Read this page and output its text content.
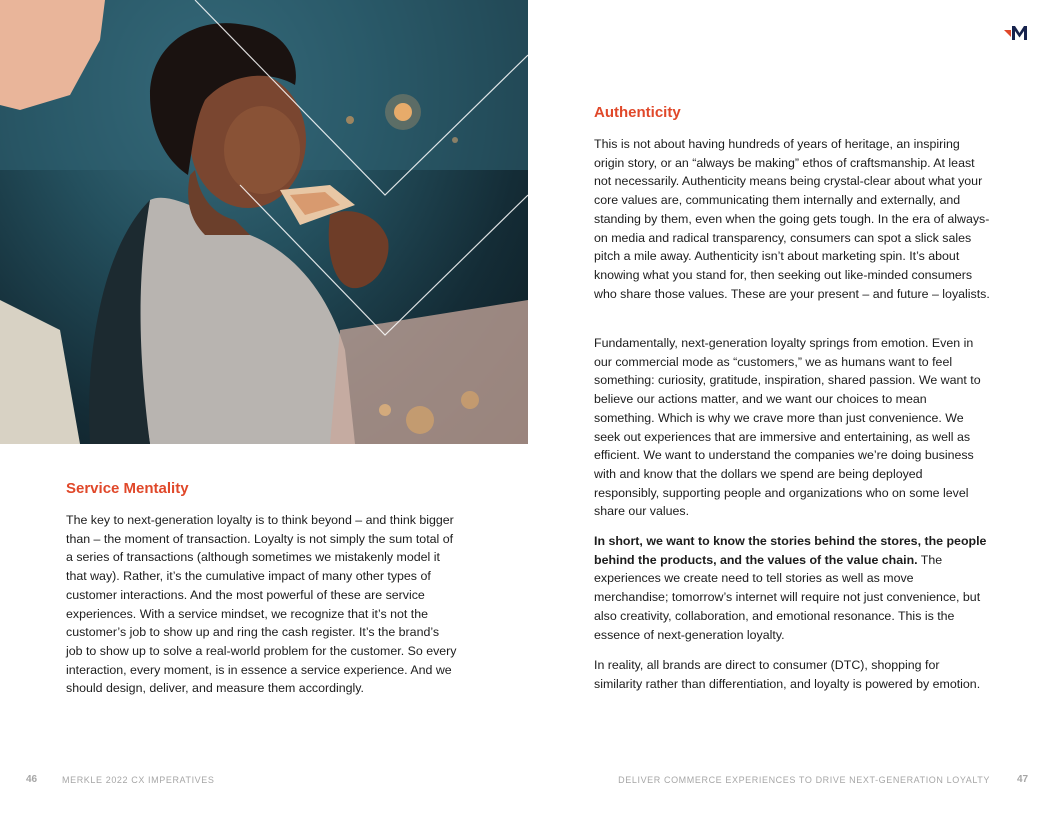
Service Mentality

The key to next-generation loyalty is to think beyond – and think bigger than – the moment of transaction. Loyalty is not simply the sum total of a series of transactions (although sometimes we mistakenly model it that way). Rather, it’s the cumulative impact of many other types of customer interactions. And the most powerful of these are service experiences. With a service mindset, we recognize that it’s not the customer’s job to show up and ring the cash register. It’s the brand’s job to show up to solve a real-world problem for the customer. So every interaction, every moment, is in essence a service experience. And we should design, deliver, and measure them accordingly.

Authenticity

This is not about having hundreds of years of heritage, an inspiring origin story, or an “always be making” ethos of craftsmanship. At least not necessarily. Authenticity means being crystal-clear about what your core values are, communicating them internally and externally, and standing by them, even when the going gets tough. In the era of always-on media and radical transparency, consumers can spot a slick sales pitch a mile away. Authenticity isn’t about marketing spin. It’s about knowing what you stand for, then seeking out like-minded consumers who share those values. These are your present – and future – loyalists.

Fundamentally, next-generation loyalty springs from emotion. Even in our commercial mode as “customers,” we as humans want to feel something: curiosity, gratitude, inspiration, shared passion. We want to believe our actions matter, and we want our choices to mean something. Which is why we crave more than just convenience. We seek out experiences that are immersive and entertaining, as well as efficient. We want to understand the companies we’re doing business with and know that the dollars we spend are being deployed responsibly, supporting people and organizations who on some level share our values.

In short, we want to know the stories behind the stores, the people behind the products, and the values of the value chain. The experiences we create need to tell stories as well as move merchandise; tomorrow’s internet will require not just convenience, but also creativity, collaboration, and emotional resonance. This is the essence of next-generation loyalty.

In reality, all brands are direct to consumer (DTC), shopping for similarity rather than differentiation, and loyalty is powered by emotion.

46	MERKLE 2022 CX IMPERATIVES	DELIVER COMMERCE EXPERIENCES TO DRIVE NEXT-GENERATION LOYALTY	47
